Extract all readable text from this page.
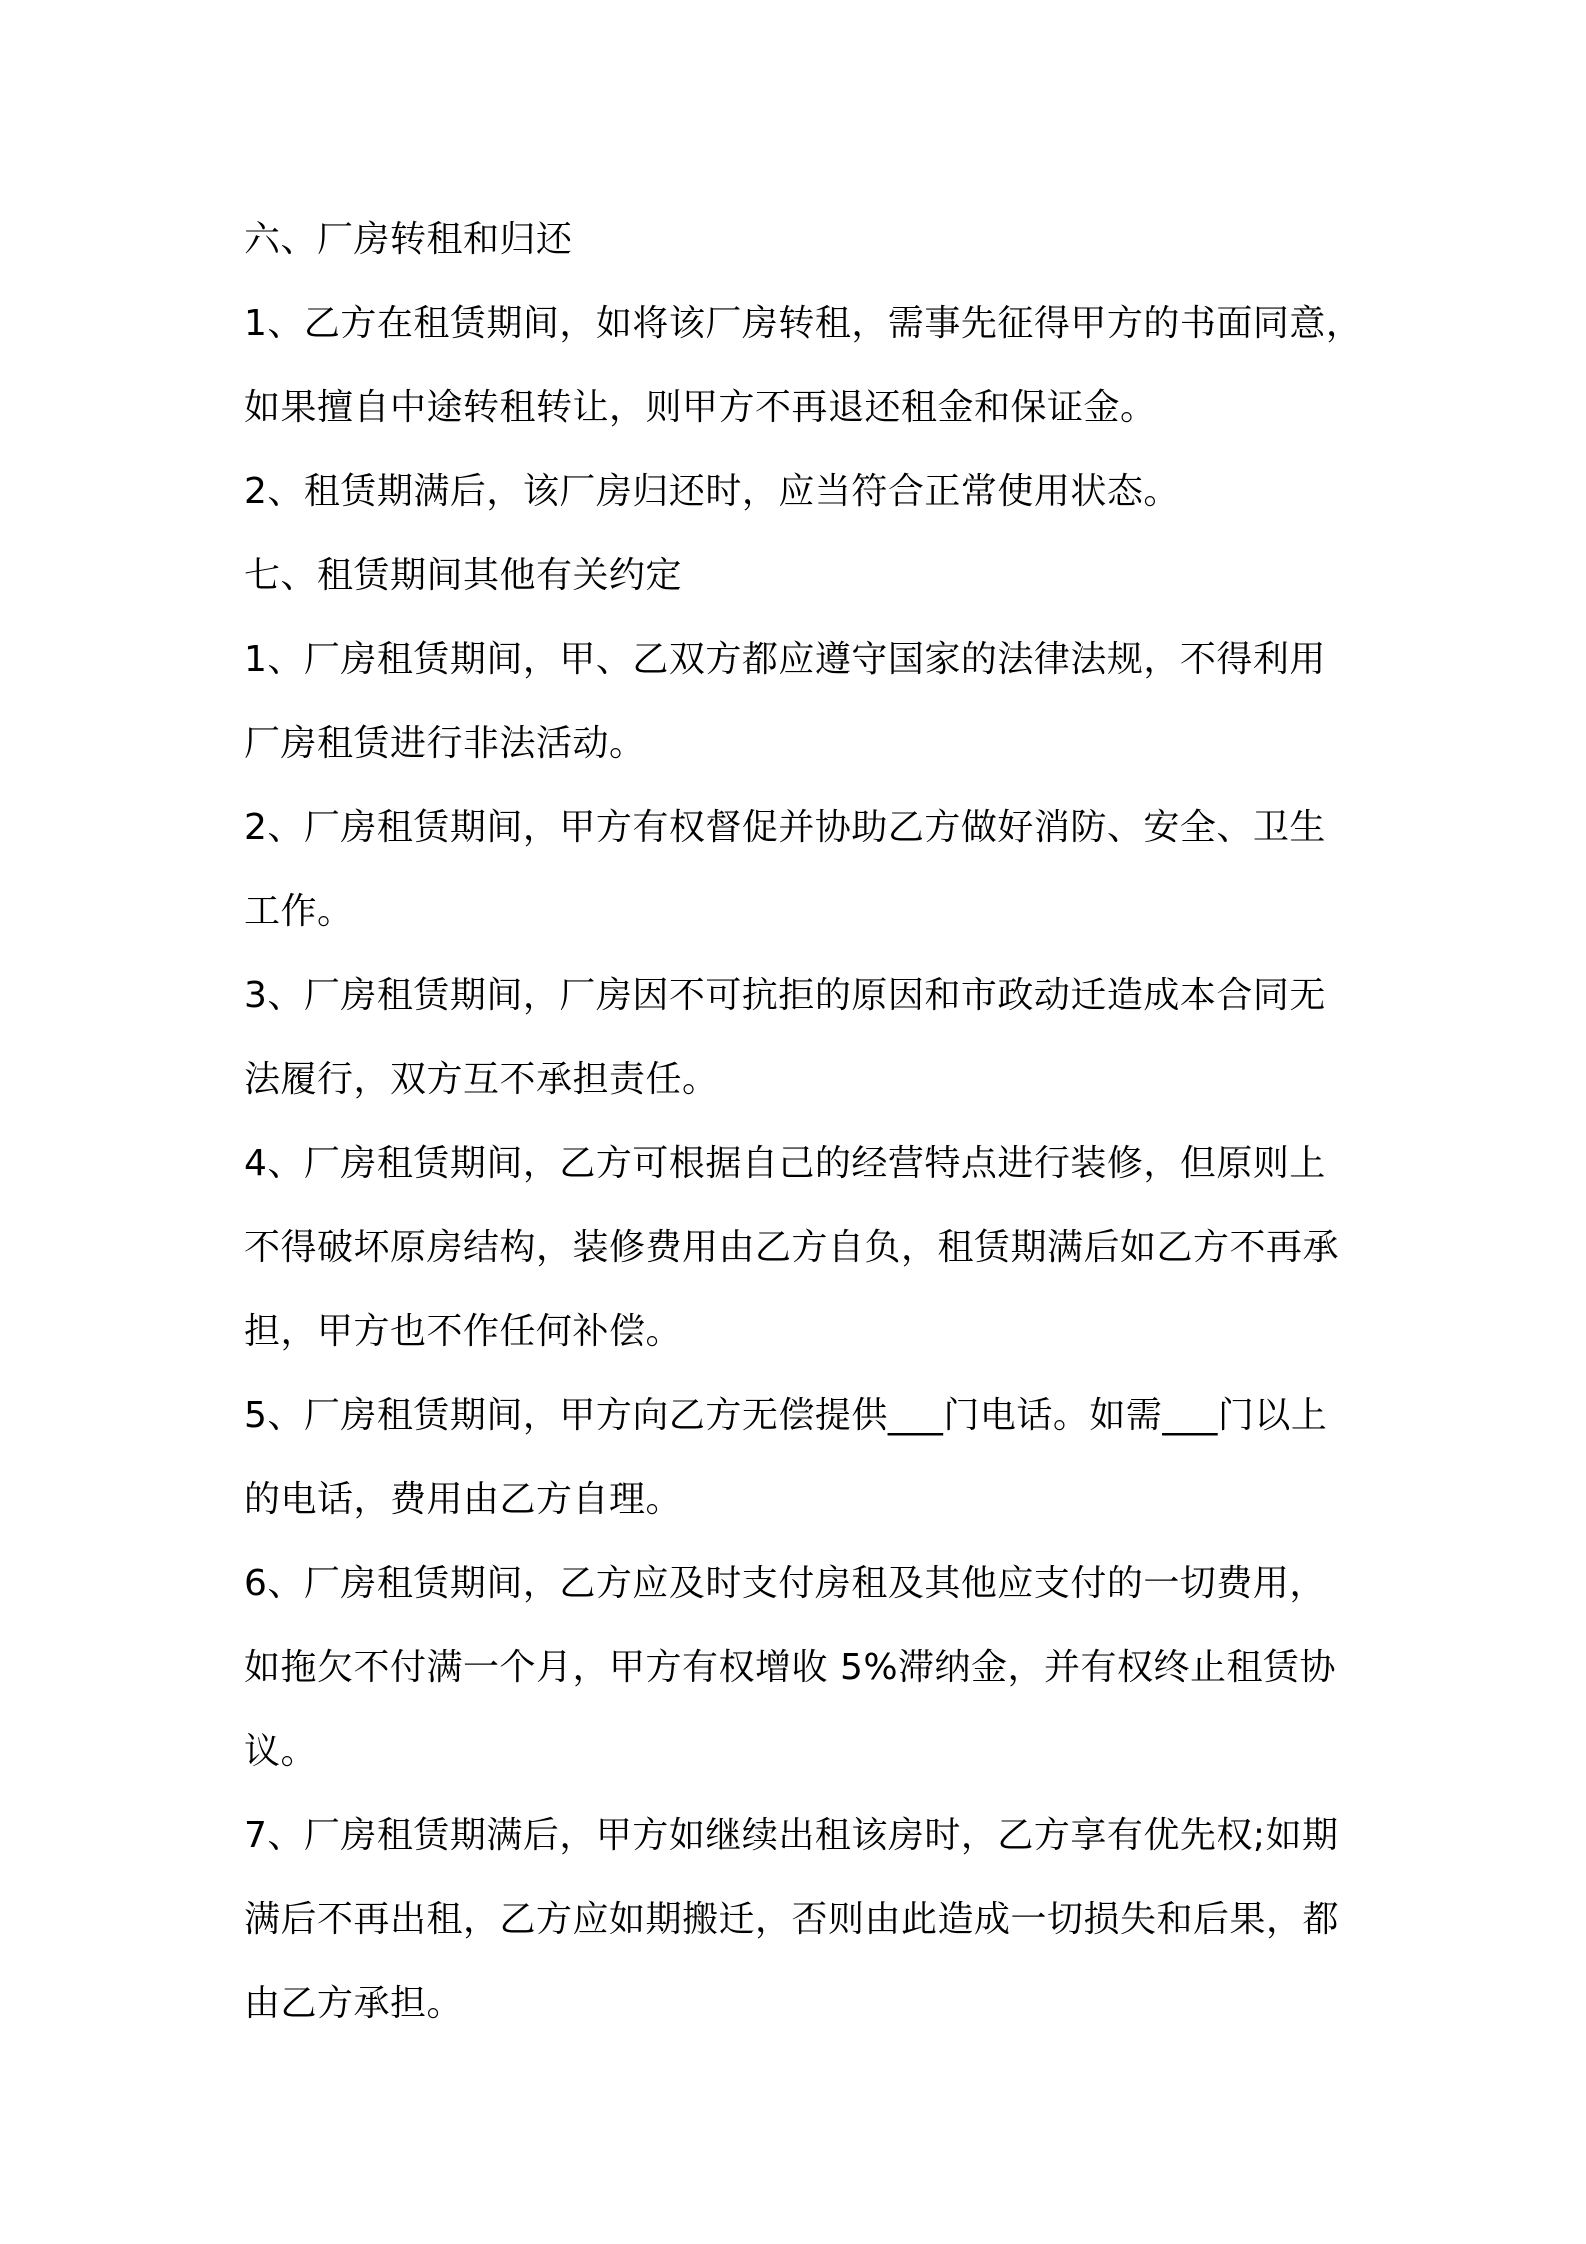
六、厂房转租和归还
1、乙方在租赁期间，如将该厂房转租，需事先征得甲方的书面同意，
如果擅自中途转租转让，则甲方不再退还租金和保证金。
2、租赁期满后，该厂房归还时，应当符合正常使用状态。
七、租赁期间其他有关约定
1、厂房租赁期间，甲、乙双方都应遵守国家的法律法规，不得利用
厂房租赁进行非法活动。
2、厂房租赁期间，甲方有权督促并协助乙方做好消防、安全、卫生
工作。
3、厂房租赁期间，厂房因不可抗拒的原因和市政动迁造成本合同无
法履行，双方互不承担责任。
4、厂房租赁期间，乙方可根据自己的经营特点进行装修，但原则上
不得破坏原房结构，装修费用由乙方自负，租赁期满后如乙方不再承
担，甲方也不作任何补偿。
5、厂房租赁期间，甲方向乙方无偿提供___门电话。如需___门以上
的电话，费用由乙方自理。
6、厂房租赁期间，乙方应及时支付房租及其他应支付的一切费用，
如拖欠不付满一个月，甲方有权增收 5%滞纳金，并有权终止租赁协
议。
7、厂房租赁期满后，甲方如继续出租该房时，乙方享有优先权;如期
满后不再出租，乙方应如期搬迁，否则由此造成一切损失和后果，都
由乙方承担。
